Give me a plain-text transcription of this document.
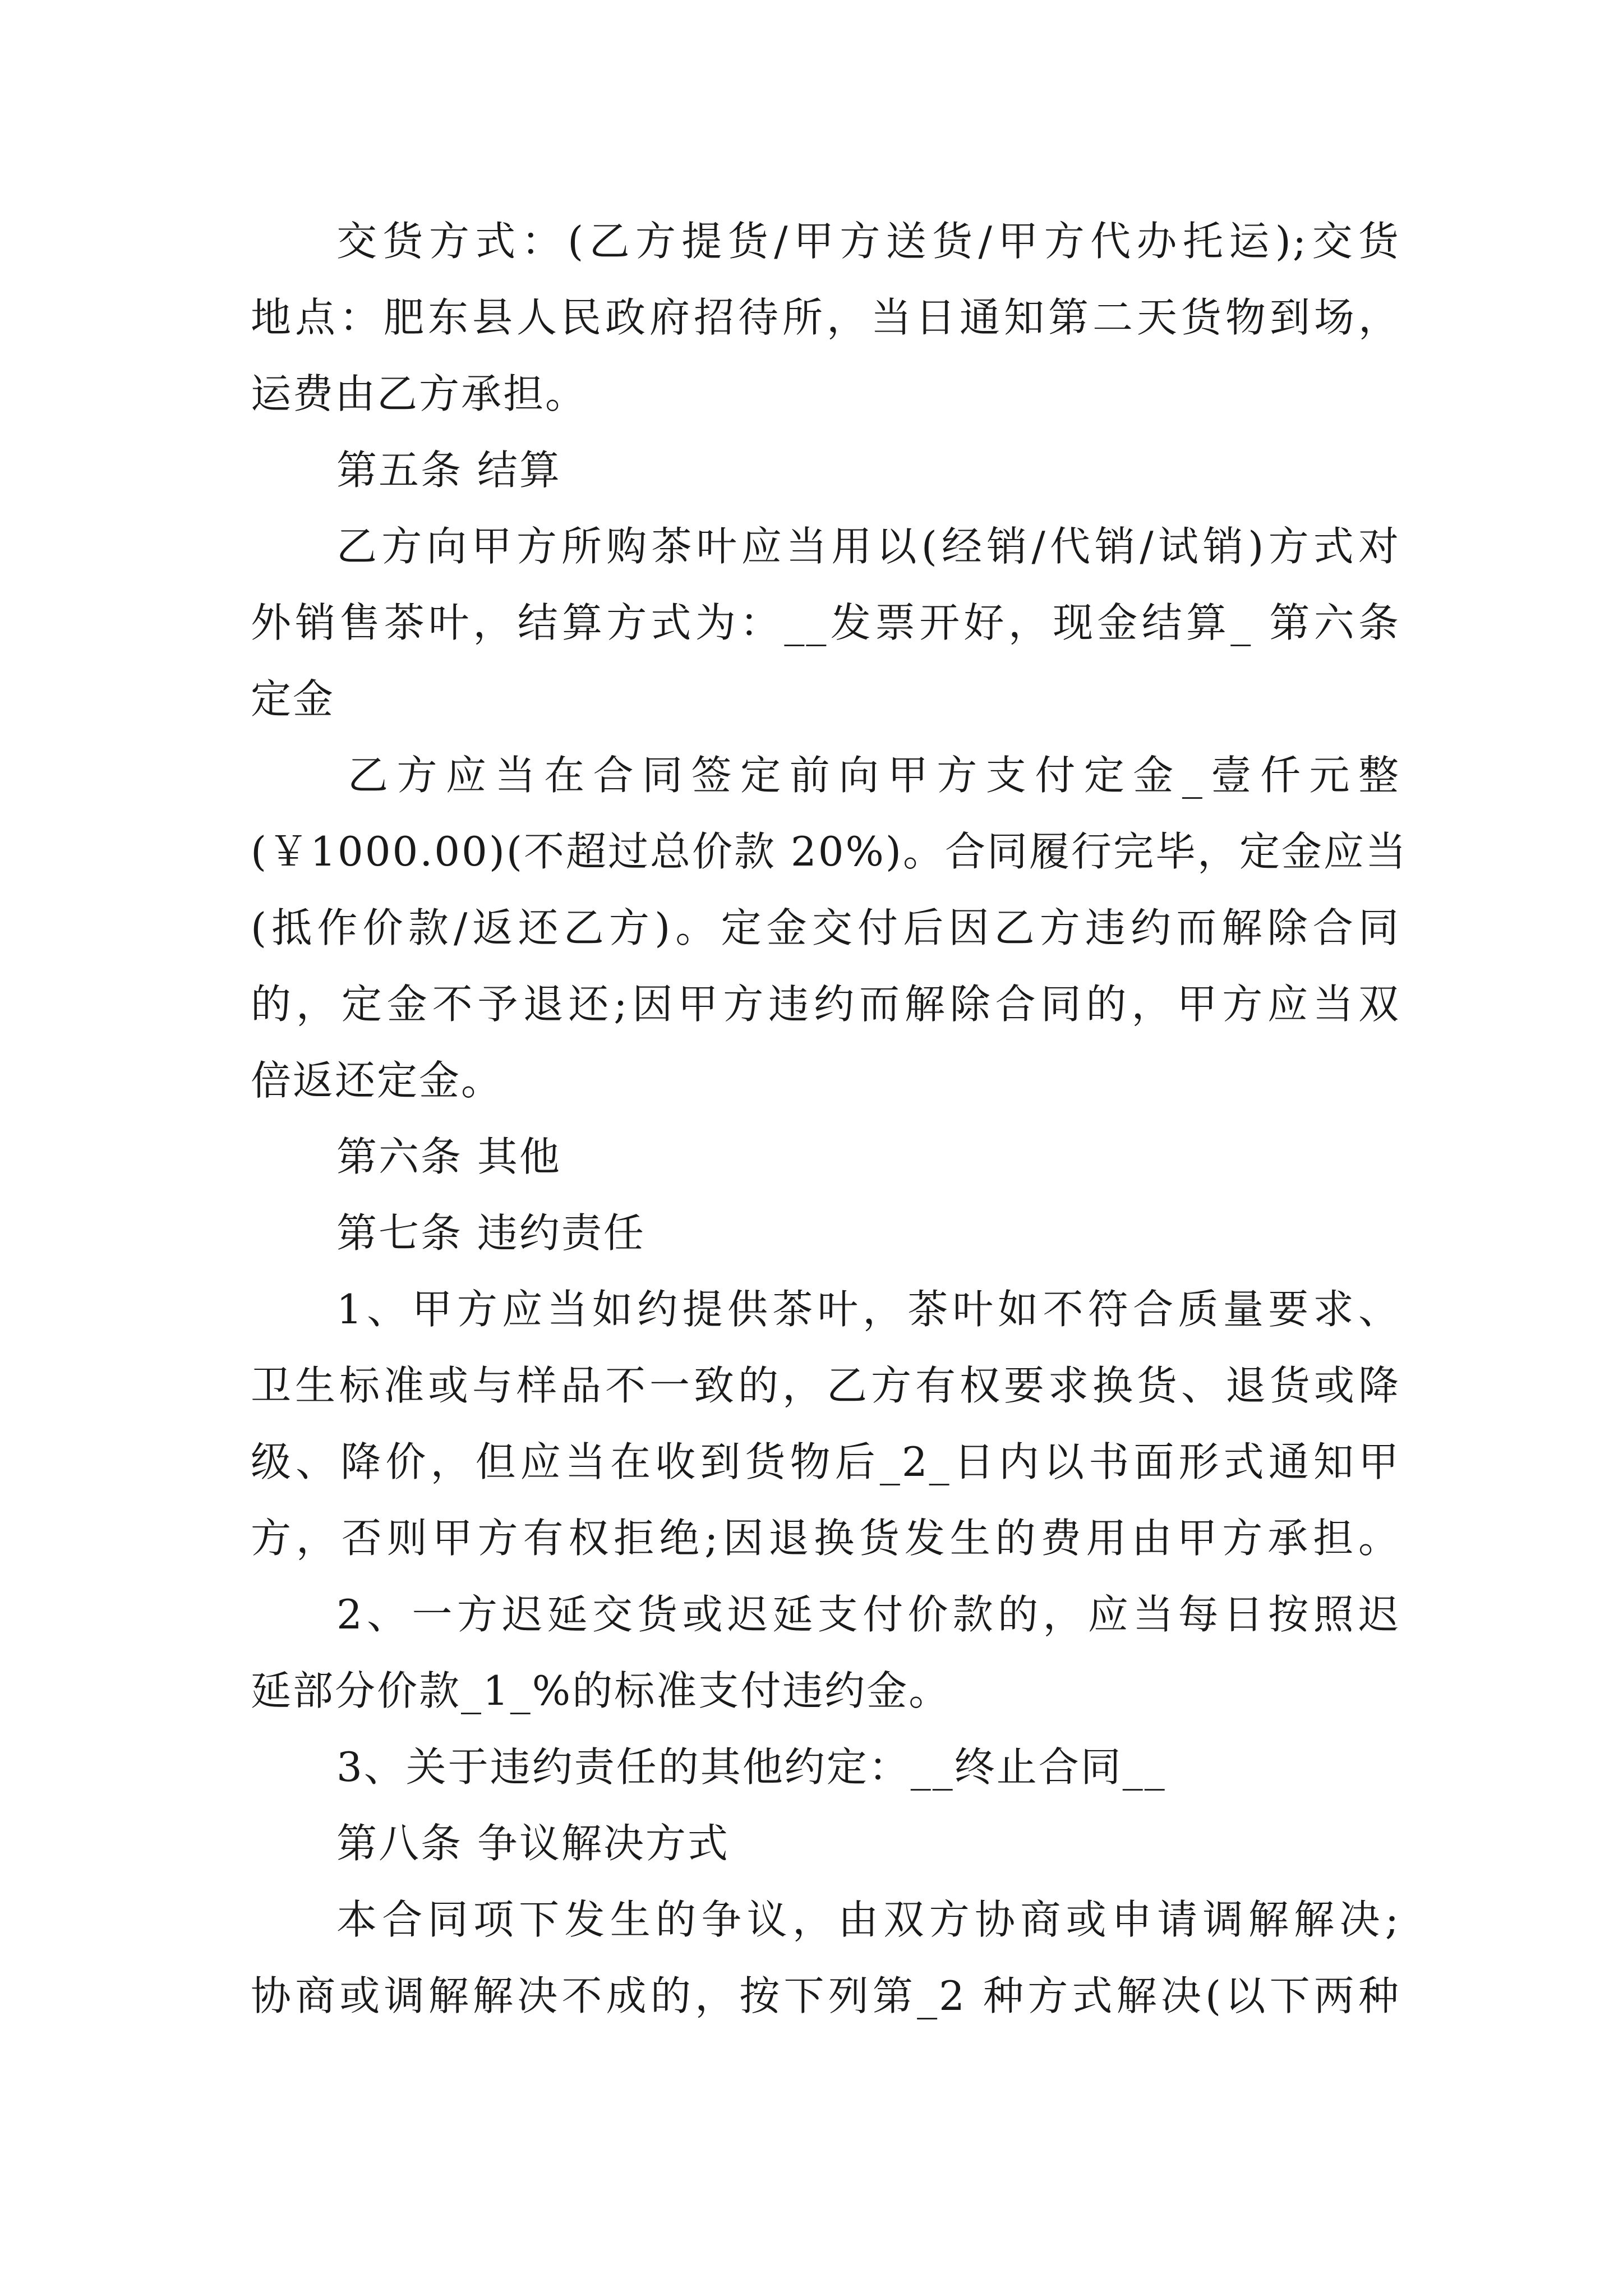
交货方式：(乙方提货/甲方送货/甲方代办托运);交货
地点：肥东县人民政府招待所，当日通知第二天货物到场，
运费由乙方承担。
第五条 结算
乙方向甲方所购茶叶应当用以(经销/代销/试销)方式对
外销售茶叶，结算方式为：__发票开好，现金结算_ 第六条
定金
乙方应当在合同签定前向甲方支付定金_壹仟元整
(￥1000.00)(不超过总价款 20%)。合同履行完毕，定金应当
(抵作价款/返还乙方)。定金交付后因乙方违约而解除合同
的，定金不予退还;因甲方违约而解除合同的，甲方应当双
倍返还定金。
第六条 其他
第七条 违约责任
1、甲方应当如约提供茶叶，茶叶如不符合质量要求、
卫生标准或与样品不一致的，乙方有权要求换货、退货或降
级、降价，但应当在收到货物后_2_日内以书面形式通知甲
方，否则甲方有权拒绝;因退换货发生的费用由甲方承担。
2、一方迟延交货或迟延支付价款的，应当每日按照迟
延部分价款_1_%的标准支付违约金。
3、关于违约责任的其他约定：__终止合同__
第八条 争议解决方式
本合同项下发生的争议，由双方协商或申请调解解决;
协商或调解解决不成的，按下列第_2 种方式解决(以下两种
